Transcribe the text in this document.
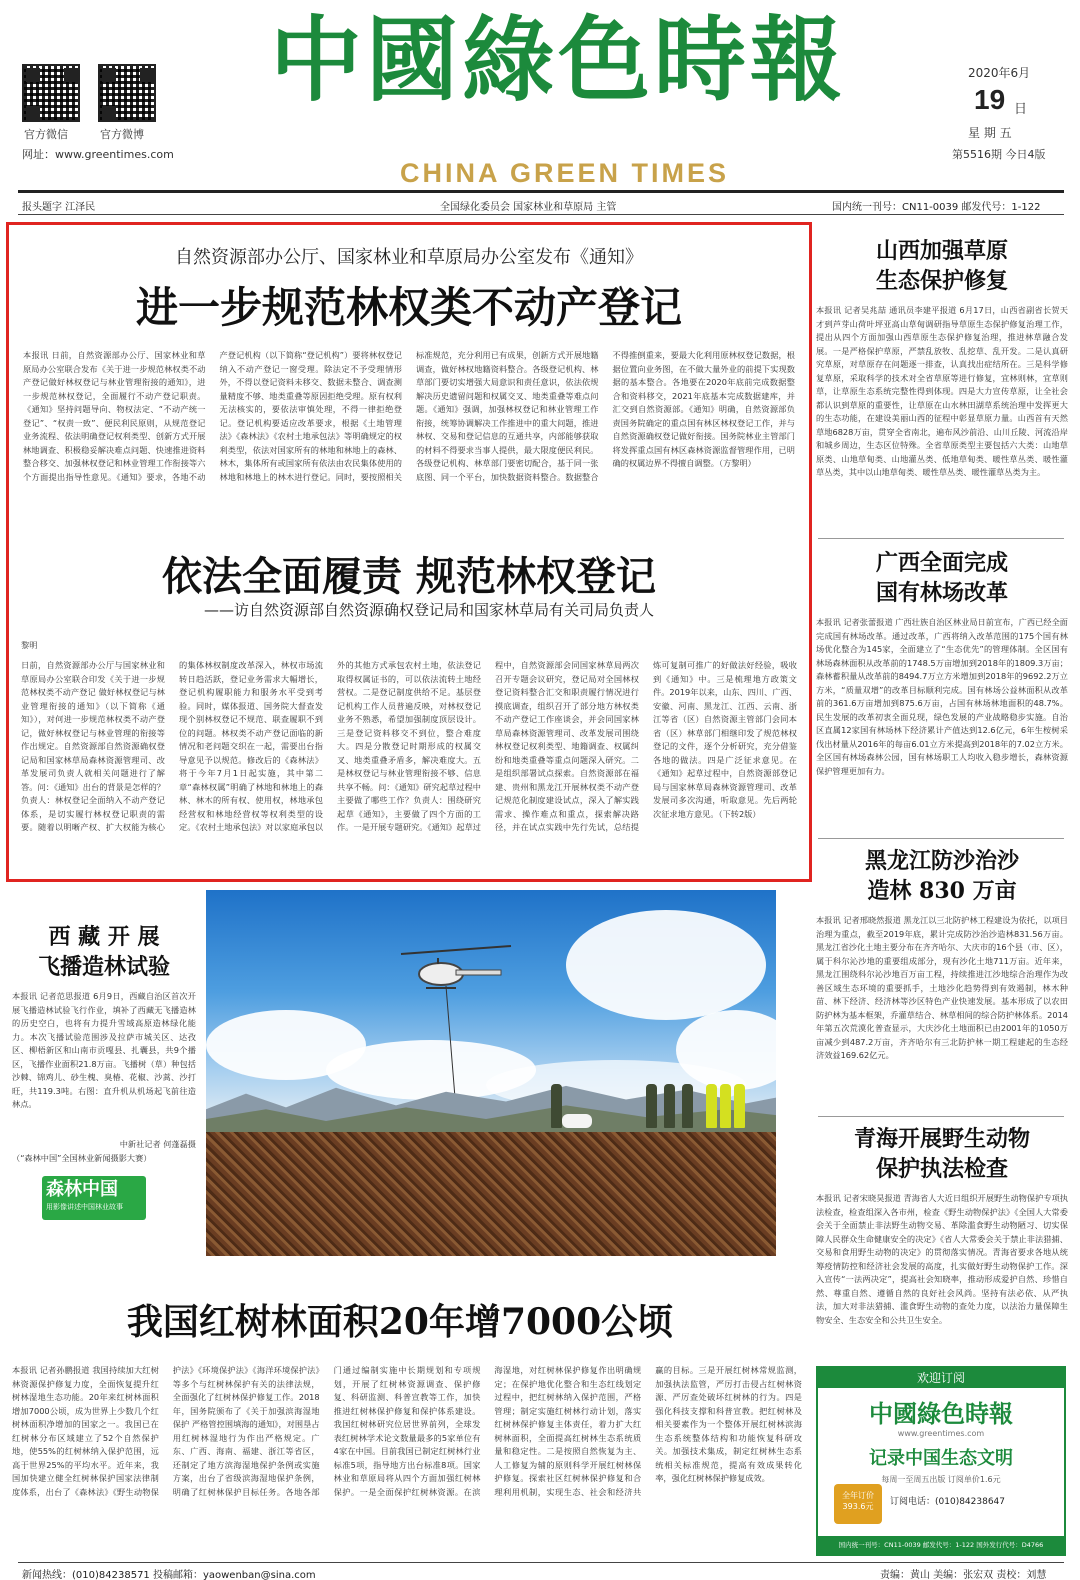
官方微信	官方微博
网址：www.greentimes.com
中國綠色時報
CHINA GREEN TIMES
2020年6月
19 日
星 期 五
第5516期 今日4版
报头题字 江泽民	全国绿化委员会 国家林业和草原局 主管	国内统一刊号：CN11-0039 邮发代号：1-122
自然资源部办公厅、国家林业和草原局办公室发布《通知》
进一步规范林权类不动产登记
本报讯 日前，自然资源部办公厅、国家林业和草原局办公室联合发布《关于进一步规范林权类不动产登记做好林权登记与林业管理衔接的通知》，进一步规范林权登记，全面履行不动产登记职责。《通知》坚持问题导向、物权法定、“不动产统一登记”、“权责一致”、便民利民原则，从规范登记业务流程、依法明确登记权利类型、创新方式开展林地调查、积极稳妥解决难点问题、快速推进资料整合移交、加强林权登记和林业管理工作衔接等六个方面提出指导性意见。《通知》要求，各地不动产登记机构（以下简称“登记机构”）要将林权登记纳入不动产登记一窗受理。除法定不予受理情形外，不得以登记资料未移交、数据未整合、调查测量精度不够、地类重叠等原因拒绝受理。原有权利无法核实的，要依法审慎处理，不得一律拒绝登记。登记机构要适应改革要求，根据《土地管理法》《森林法》《农村土地承包法》等明确规定的权利类型，依法对国家所有的林地和林地上的森林、林木，集体所有或国家所有依法由农民集体使用的林地和林地上的林木进行登记。同时，要按照相关标准规范，充分利用已有成果，创新方式开展地籍调查，做好林权地籍资料整合。各级登记机构、林草部门要切实增强大局意识和责任意识，依法依规解决历史遗留问题和权属交叉、地类重叠等难点问题。《通知》强调，加强林权登记和林业管理工作衔接，统筹协调解决工作推进中的重大问题，推进林权、交易和登记信息的互通共享，内部能够获取的材料不得要求当事人提供，最大限度便民利民。各级登记机构、林草部门要密切配合，基于同一张底图、同一个平台，加快数据资料整合。数据整合不得推倒重来，要最大化利用原林权登记数据，根据位置向业务图，在不做大量外业的前提下实现数据的基本整合。各地要在2020年底前完成数据整合和资料移交，2021年底基本完成数据建库，并汇交到自然资源部。《通知》明确，自然资源部负责国务院确定的重点国有林区林权登记工作，并与自然资源确权登记做好衔接。国务院林业主管部门将发挥重点国有林区森林资源监督管理作用，已明确的权属边界不得擅自调整。（方黎明）
依法全面履责 规范林权登记
——访自然资源部自然资源确权登记局和国家林草局有关司局负责人
黎明
日前，自然资源部办公厅与国家林业和草原局办公室联合印发《关于进一步规范林权类不动产登记 做好林权登记与林业管理衔接的通知》（以下简称《通知》），对何进一步规范林权类不动产登记，做好林权登记与林业管理的衔接等作出规定。自然资源部自然资源确权登记局和国家林草局森林资源管理司、改革发展司负责人就相关问题进行了解答。问：《通知》出台的背景是怎样的？负责人：林权登记全面纳入不动产登记体系，是切实履行林权登记职责的需要。随着以明晰产权、扩大权能为核心的集体林权制度改革深入，林权市场流转日趋活跃，登记业务需求大幅增长，登记机构履职能力和服务水平受到考验。同时，媒体报道、国务院大督查发现个别林权登记不规范、联查履职不到位的问题。林权类不动产登记面临的新情况和老问题交织在一起，需要出台指导意见予以规范。修改后的《森林法》将于今年7月1日起实施，其中第二章“森林权属”明确了林地和林地上的森林、林木的所有权、使用权，林地承包经营权和林地经营权等权利类型的设定。《农村土地承包法》对以家庭承包以外的其他方式承包农村土地，依法登记取得权属证书的，可以依法流转土地经营权。二是登记制度供给不足。基层登记机构工作人员普遍反映，对林权登记业务不熟悉，希望加强制度顶层设计。三是登记资料移交不到位，整合难度大。四是分散登记时期形成的权属交叉、地类重叠矛盾多，解决难度大。五是林权登记与林业管理衔接不够、信息共享不畅。问：《通知》研究起草过程中主要做了哪些工作？负责人：围绕研究起草《通知》，主要做了四个方面的工作。一是开展专题研究。《通知》起草过程中，自然资源部会同国家林草局两次召开专题会议研究，登记局对全国林权登记资料整合汇交和职责履行情况进行摸底调查，组织召开了部分地方林权类不动产登记工作座谈会，并会同国家林草局森林资源管理司、改革发展司围绕林权登记权利类型、地籍调查、权属纠纷和地类重叠等重点问题深入研究。二是组织部署试点探索。自然资源部在福建、贵州和黑龙江开展林权类不动产登记规范化制度建设试点，深入了解实践需求、操作难点和重点，探索解决路径，并在试点实践中先行先试，总结提炼可复制可推广的好做法好经验，吸收到《通知》中。三是梳理地方政策文件。2019年以来，山东、四川、广西、安徽、河南、黑龙江、江西、云南、浙江等省（区）自然资源主管部门会同本省（区）林草部门相继印发了规范林权登记的文件，逐个分析研究，充分借鉴各地的做法。四是广泛征求意见。在《通知》起草过程中，自然资源部登记局与国家林草局森林资源管理司、改革发展司多次沟通，听取意见。先后两轮次征求地方意见。（下转2版）
山西加强草原
生态保护修复
本报讯 记者吴兆喆 通讯员李建平报道 6月17日，山西省副省长贺天才到芦芽山荷叶坪亚高山草甸调研指导草原生态保护修复治理工作，提出从四个方面加强山西草原生态保护修复治理，推进林草融合发展。一是严格保护草原，严禁乱放牧、乱挖草、乱开发。二是认真研究草原，对草原存在问题逐一排查，认真找出症结所在。三是科学修复草原，采取科学的技术对全省草原等进行修复，宜林则林，宜草则草，让草原生态系统完整性得到体现。四是大力宣传草原，让全社会都认识到草原的重要性，让草原在山水林田湖草系统治理中发挥更大的生态功能，在建设美丽山西的征程中彰显草原力量。山西首有天然草地6828万亩，贯穿全省南北，遍布风沙前沿、山川丘陵、河流沿岸和城乡周边，生态区位特殊。全省草原类型主要包括六大类：山地草原类、山地草甸类、山地灌丛类、低地草甸类、暖性草丛类、暖性灌草丛类，其中以山地草甸类、暖性草丛类、暖性灌草丛类为主。
广西全面完成
国有林场改革
本报讯 记者张蕾报道 广西壮族自治区林业局日前宣布，广西已经全面完成国有林场改革。通过改革，广西将纳入改革范围的175个国有林场优化整合为145家，全面建立了“生态优先”的管理体制。全区国有林场森林面积从改革前的1748.5万亩增加到2018年的1809.3万亩；森林蓄积量从改革前的8494.7万立方米增加到2018年的9692.2万立方米，“质量双增”的改革目标顺利完成。国有林场公益林面积从改革前的361.6万亩增加到875.6万亩，占国有林场林地面积的48.7%。民生发展的改革初衷全面兑现，绿色发展的产业战略稳步实施。自治区直属12家国有林场林下经济累计产值达到12.6亿元，6年生桉树采伐出材量从2016年的每亩6.01立方米提高到2018年的7.02立方米。全区国有林场森林公园，国有林场职工人均收入稳步增长，森林资源保护管理更加有力。
黑龙江防沙治沙
造林 830 万亩
本报讯 记者邢晓然报道 黑龙江以三北防护林工程建设为依托，以项目治理为重点，截至2019年底，累计完成防沙治沙造林831.56万亩。黑龙江省沙化土地主要分布在齐齐哈尔、大庆市的16个县（市、区），属于科尔沁沙地的重要组成部分，现有沙化土地711万亩。近年来，黑龙江围绕科尔沁沙地百万亩工程，持续推进江沙地综合治理作为改善区域生态环境的重要抓手，土地沙化趋势得到有效遏制，林木种苗、林下经济、经济林等沙区特色产业快速发展。基本形成了以农田防护林为基本框架，乔灌草结合、林草相间的综合防护林体系。2014年第五次荒漠化普查显示，大庆沙化土地面积已由2001年的1050万亩减少到487.2万亩，齐齐哈尔有三北防护林一期工程建起的生态经济效益169.62亿元。
青海开展野生动物
保护执法检查
本报讯 记者宋晓昊报道 青海省人大近日组织开展野生动物保护专项执法检查，检查组深入各市州，检查《野生动物保护法》《全国人大常委会关于全面禁止非法野生动物交易、革除滥食野生动物陋习、切实保障人民群众生命健康安全的决定》《省人大常委会关于禁止非法猎捕、交易和食用野生动物的决定》的贯彻落实情况。青海省要求各地从统筹疫情防控和经济社会发展的高度，扎实做好野生动物保护工作。深入宣传“一法两决定”，提高社会知晓率，推动形成爱护自然、珍惜自然、尊重自然、遵循自然的良好社会风尚。坚持有法必依、从严执法，加大对非法猎捕、滥食野生动物的查处力度，以法治力量保障生物安全、生态安全和公共卫生安全。
西 藏 开 展
飞播造林试验
本报讯 记者范思报道 6月9日，西藏自治区首次开展飞播造林试验飞行作业，填补了西藏无飞播造林的历史空白，也将有力提升雪域高原造林绿化能力。本次飞播试验范围涉及拉萨市城关区、达孜区、柳梧新区和山南市贡嘎县、扎囊县，共9个播区，飞播作业面积21.8万亩。飞播树（草）种包括沙棘、锦鸡儿、砂生槐、臭椿、花椒、沙蒿、沙打旺，共119.3吨。右图：直升机从机场起飞前往造林点。
中新社记者 何蓬磊摄
（“森林中国”全国林业新闻摄影大赛）
森林中国
用影像讲述中国林业故事
我国红树林面积20年增7000公顷
本报讯 记者孙鹏报道 我国持续加大红树林资源保护修复力度，全面恢复提升红树林湿地生态功能。20年来红树林面积增加7000公顷，成为世界上少数几个红树林面积净增加的国家之一。我国已在红树林分布区域建立了52个自然保护地，使55%的红树林纳入保护范围，远高于世界25%的平均水平。近年来，我国加快建立健全红树林保护国家法律制度体系，出台了《森林法》《野生动物保护法》《环境保护法》《海洋环境保护法》等多个与红树林保护有关的法律法规，全面强化了红树林保护修复工作。2018年，国务院颁布了《关于加强滨海湿地保护 严格管控围填海的通知》，对围垦占用红树林湿地行为作出严格规定。广东、广西、海南、福建、浙江等省区，还制定了地方滨海湿地保护条例或实施方案，出台了省级滨海湿地保护条例，明确了红树林保护目标任务。各地各部门通过编制实施中长期规划和专项规划，开展了红树林资源调查、保护修复、科研监测、科普宣教等工作，加快推进红树林保护修复和保护体系建设。我国红树林研究位居世界前列，全球发表红树林学术论文数量最多的5家单位有4家在中国。目前我国已制定红树林行业标准5项，指导地方出台标准8项。国家林业和草原局将从四个方面加强红树林保护。一是全面保护红树林资源。在滨海湿地，对红树林保护修复作出明确规定；在保护地优化整合和生态红线划定过程中，把红树林纳入保护范围，严格管理；制定实施红树林行动计划，落实红树林保护修复主体责任，着力扩大红树林面积，全面提高红树林生态系统质量和稳定性。二是按照自然恢复为主、人工修复为辅的原则科学开展红树林保护修复。探索社区红树林保护修复和合理利用机制，实现生态、社会和经济共赢的目标。三是开展红树林常规监测，加强执法监管，严厉打击侵占红树林资源、严厉查处破坏红树林的行为。四是强化科技支撑和科普宣教。把红树林及相关要素作为一个整体开展红树林滨海生态系统整体结构和功能恢复科研攻关。加强技术集成，制定红树林生态系统相关标准规范，提高有效成果转化率，强化红树林保护修复成效。
欢迎订阅
中國綠色時報
www.greentimes.com
记录中国生态文明
每周一至周五出版 订阅单价1.6元
全年订价 393.6元	订阅电话：(010)84238647
国内统一刊号：CN11-0039 邮发代号：1-122 国外发行代号：D4766
新闻热线：(010)84238571 投稿邮箱：yaowenban@sina.com	责编：黄山 美编：张宏双 责校：刘慧
